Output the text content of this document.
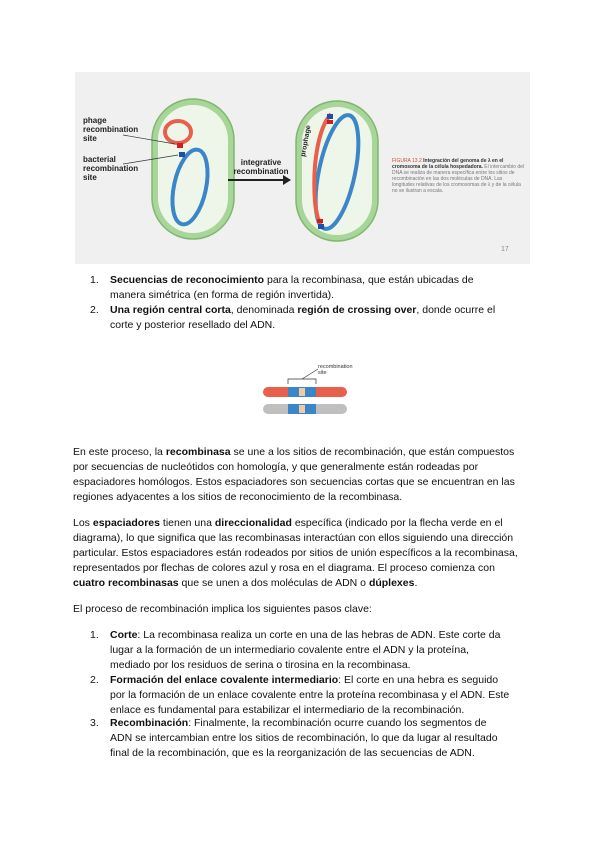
phage
recombination
site
bacterial
recombination
site
integrative
recombination
prophage
FIGURA 13.2 Integración del genoma de λ en el cromosoma de la célula hospedadora. El intercambio del DNA se realiza de manera específica entre los sitios de recombinación en las dos moléculas de DNA. Las longitudes relativas de los cromosomas de λ y de la célula no se ilustran a escala.
17
1. Secuencias de reconocimiento para la recombinasa, que están ubicadas de manera simétrica (en forma de región invertida).
2. Una región central corta, denominada región de crossing over, donde ocurre el corte y posterior resellado del ADN.
recombination site
En este proceso, la recombinasa se une a los sitios de recombinación, que están compuestos por secuencias de nucleótidos con homología, y que generalmente están rodeadas por espaciadores homólogos. Estos espaciadores son secuencias cortas que se encuentran en las regiones adyacentes a los sitios de reconocimiento de la recombinasa.
Los espaciadores tienen una direccionalidad específica (indicado por la flecha verde en el diagrama), lo que significa que las recombinasas interactúan con ellos siguiendo una dirección particular. Estos espaciadores están rodeados por sitios de unión específicos a la recombinasa, representados por flechas de colores azul y rosa en el diagrama. El proceso comienza con cuatro recombinasas que se unen a dos moléculas de ADN o dúplexes.
El proceso de recombinación implica los siguientes pasos clave:
1. Corte: La recombinasa realiza un corte en una de las hebras de ADN. Este corte da lugar a la formación de un intermediario covalente entre el ADN y la proteína, mediado por los residuos de serina o tirosina en la recombinasa.
2. Formación del enlace covalente intermediario: El corte en una hebra es seguido por la formación de un enlace covalente entre la proteína recombinasa y el ADN. Este enlace es fundamental para estabilizar el intermediario de la recombinación.
3. Recombinación: Finalmente, la recombinación ocurre cuando los segmentos de ADN se intercambian entre los sitios de recombinación, lo que da lugar al resultado final de la recombinación, que es la reorganización de las secuencias de ADN.
